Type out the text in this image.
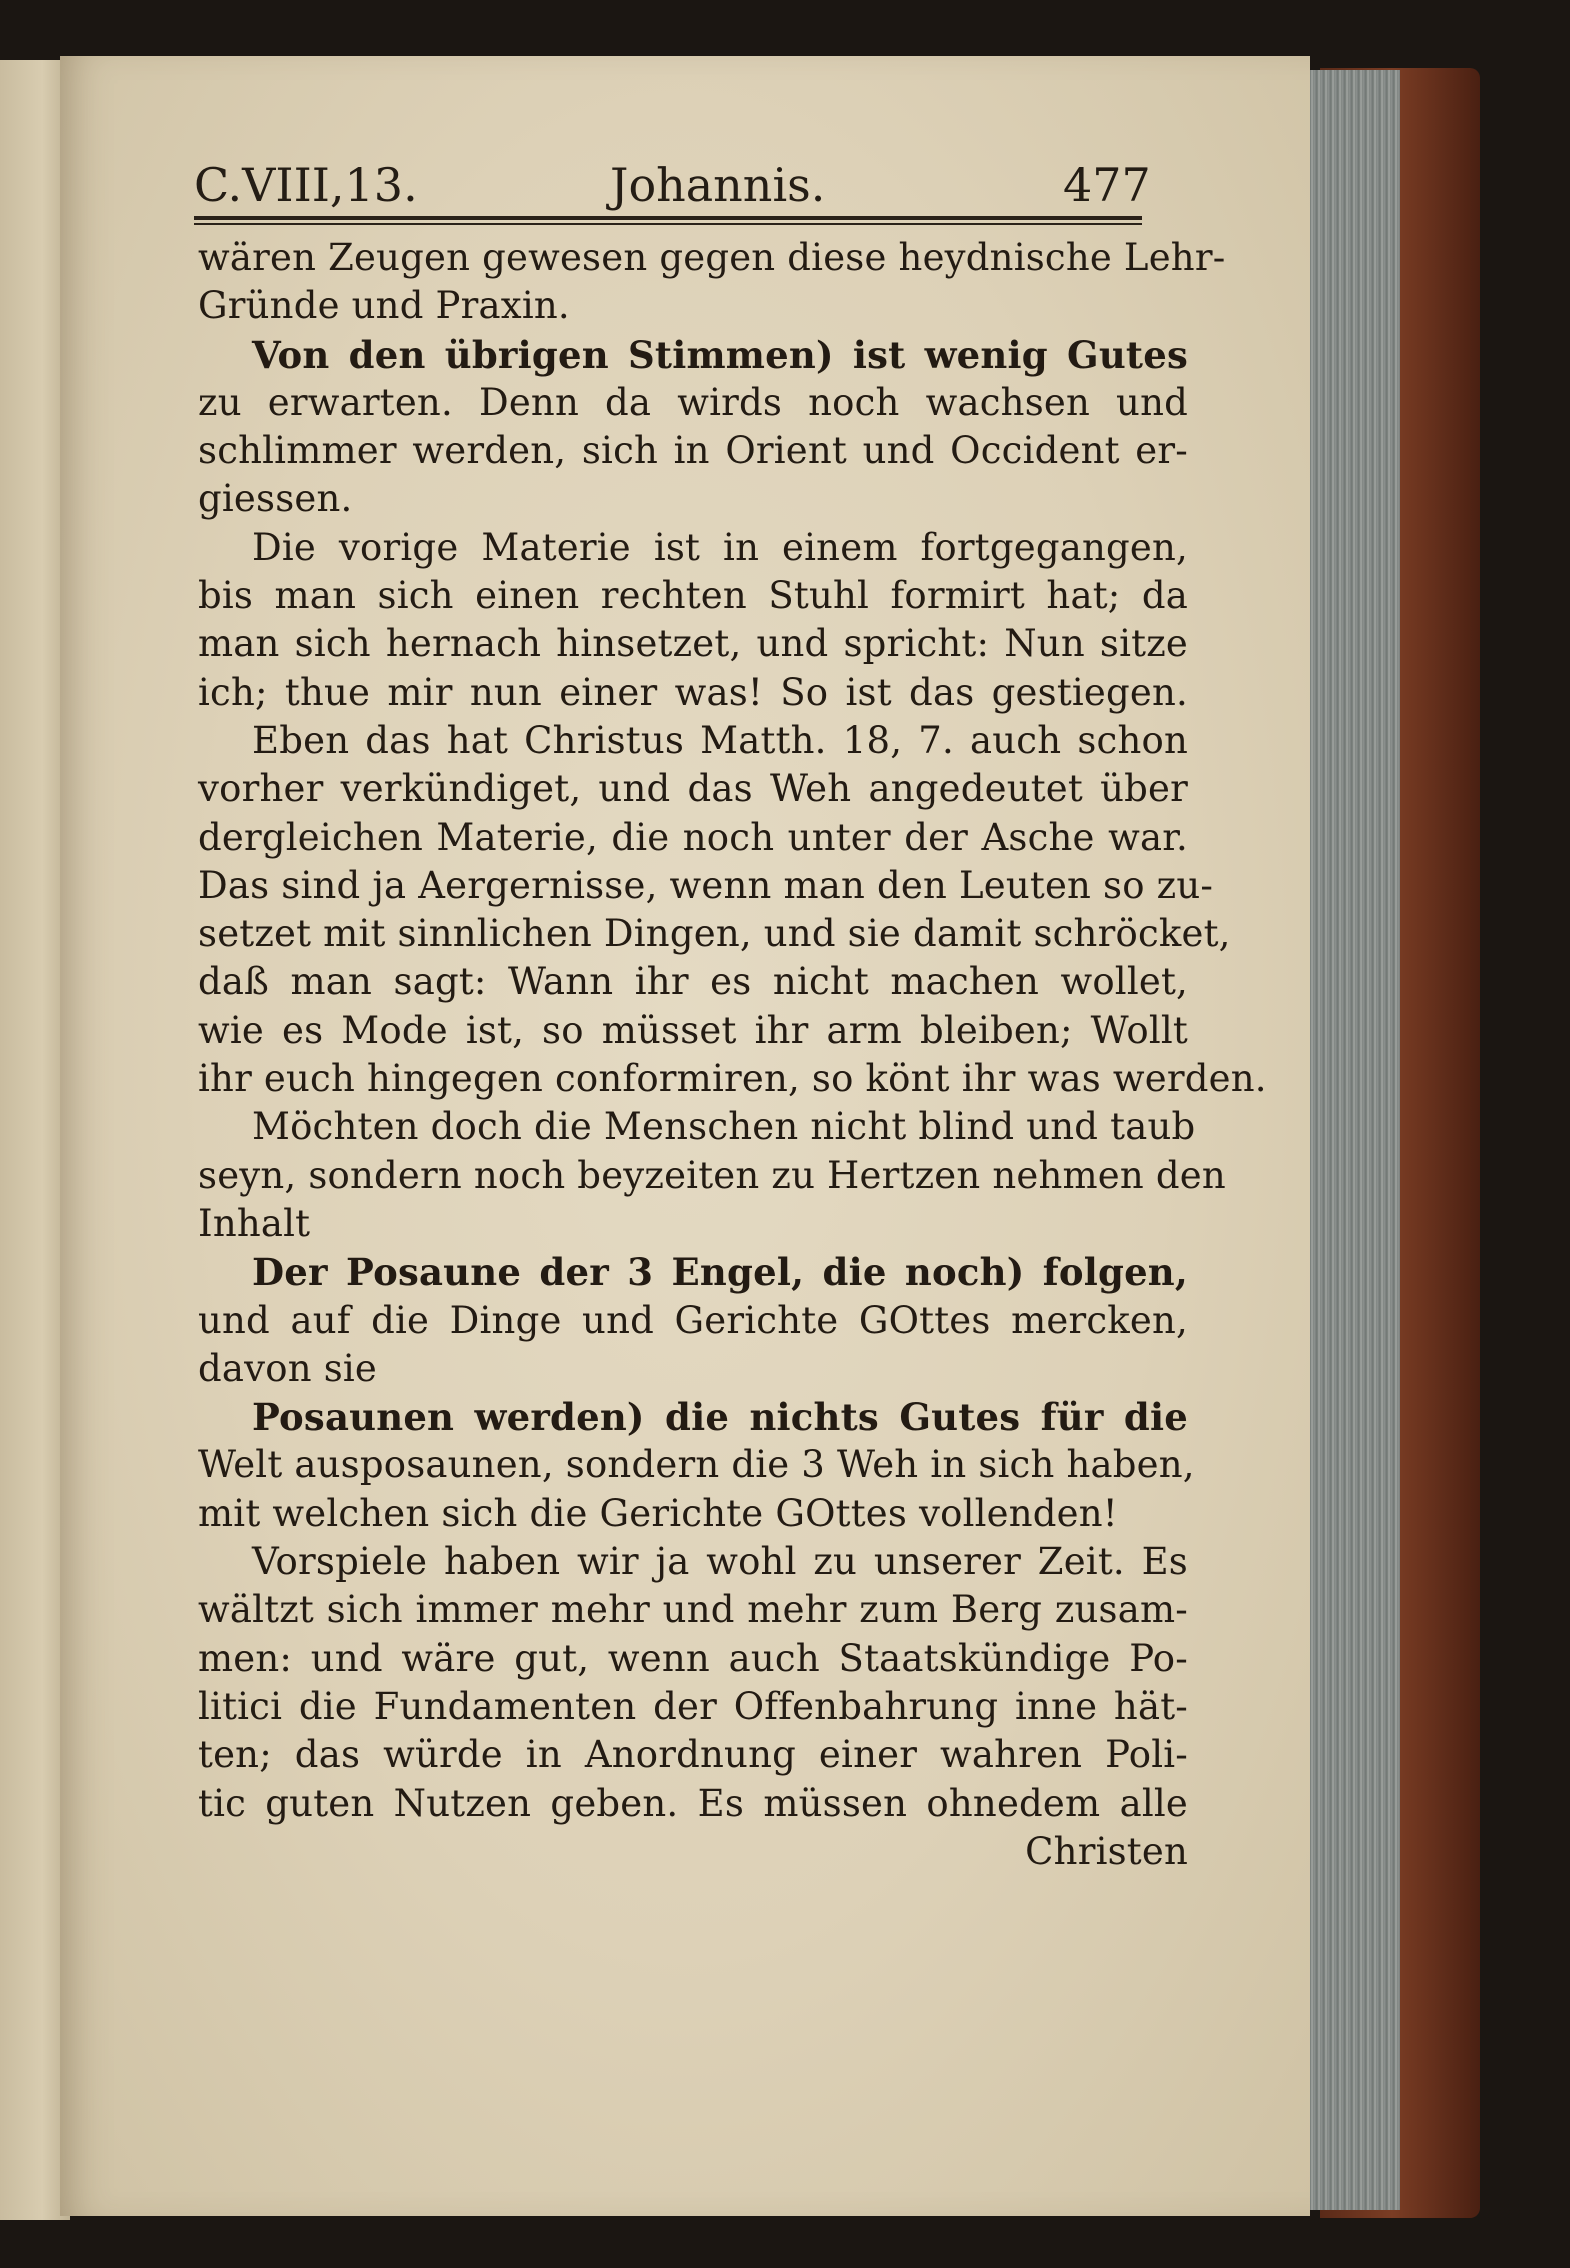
C.VIII,13.	Johannis.	477
wären Zeugen gewesen gegen diese heydnische Lehr-
Gründe und Praxin.
Von den übrigen Stimmen) ist wenig Gutes
zu erwarten. Denn da wirds noch wachsen und
schlimmer werden, sich in Orient und Occident er-
giessen.
Die vorige Materie ist in einem fortgegangen,
bis man sich einen rechten Stuhl formirt hat; da
man sich hernach hinsetzet, und spricht: Nun sitze
ich; thue mir nun einer was! So ist das gestiegen.
Eben das hat Christus Matth. 18, 7. auch schon
vorher verkündiget, und das Weh angedeutet über
dergleichen Materie, die noch unter der Asche war.
Das sind ja Aergernisse, wenn man den Leuten so zu-
setzet mit sinnlichen Dingen, und sie damit schröcket,
daß man sagt: Wann ihr es nicht machen wollet,
wie es Mode ist, so müsset ihr arm bleiben; Wollt
ihr euch hingegen conformiren, so könt ihr was werden.
Möchten doch die Menschen nicht blind und taub
seyn, sondern noch beyzeiten zu Hertzen nehmen den
Inhalt
Der Posaune der 3 Engel, die noch) folgen,
und auf die Dinge und Gerichte GOttes mercken,
davon sie
Posaunen werden) die nichts Gutes für die
Welt ausposaunen, sondern die 3 Weh in sich haben,
mit welchen sich die Gerichte GOttes vollenden!
Vorspiele haben wir ja wohl zu unserer Zeit. Es
wältzt sich immer mehr und mehr zum Berg zusam-
men: und wäre gut, wenn auch Staatskündige Po-
litici die Fundamenten der Offenbahrung inne hät-
ten; das würde in Anordnung einer wahren Poli-
tic guten Nutzen geben. Es müssen ohnedem alle
Christen
